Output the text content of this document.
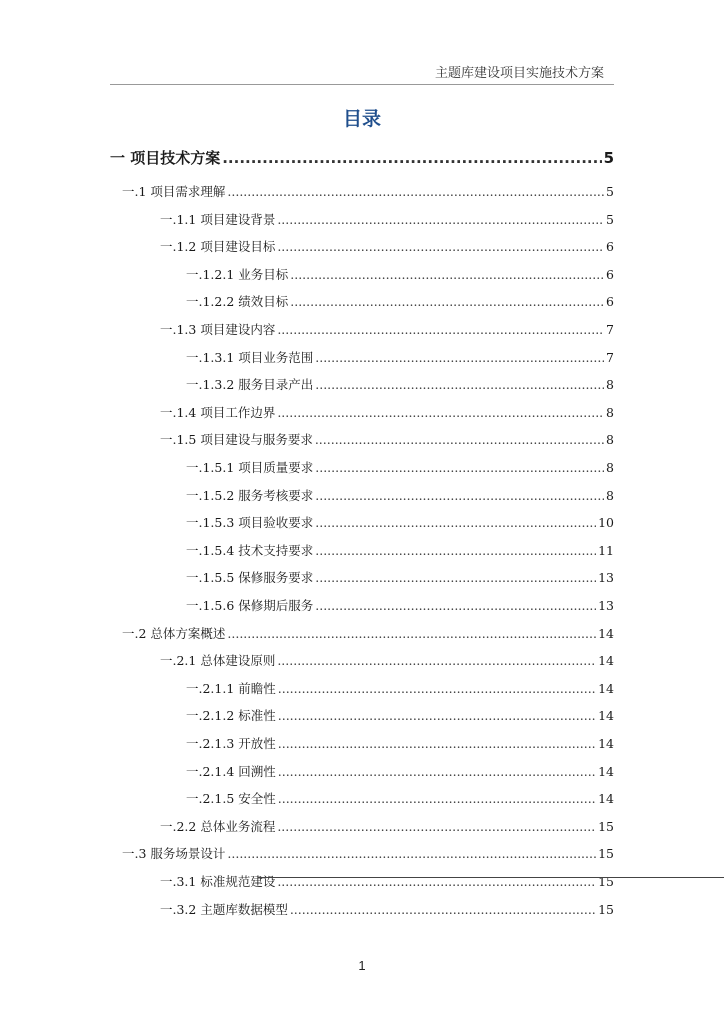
主题库建设项目实施技术方案
目录
一 项目技术方案 .....	5
一.1 项目需求理解 .....	5
一.1.1 项目建设背景 .....	5
一.1.2 项目建设目标 .....	6
一.1.2.1 业务目标 .....	6
一.1.2.2 绩效目标 .....	6
一.1.3 项目建设内容 .....	7
一.1.3.1 项目业务范围 .....	7
一.1.3.2 服务目录产出 .....	8
一.1.4 项目工作边界 .....	8
一.1.5 项目建设与服务要求 .....	8
一.1.5.1 项目质量要求 .....	8
一.1.5.2 服务考核要求 .....	8
一.1.5.3 项目验收要求 .....	10
一.1.5.4 技术支持要求 .....	11
一.1.5.5 保修服务要求 .....	13
一.1.5.6 保修期后服务 .....	13
一.2 总体方案概述 .....	14
一.2.1 总体建设原则 .....	14
一.2.1.1 前瞻性 .....	14
一.2.1.2 标准性 .....	14
一.2.1.3 开放性 .....	14
一.2.1.4 回溯性 .....	14
一.2.1.5 安全性 .....	14
一.2.2 总体业务流程 .....	15
一.3 服务场景设计 .....	15
一.3.1 标准规范建设 .....	15
一.3.2 主题库数据模型 .....	15
1
